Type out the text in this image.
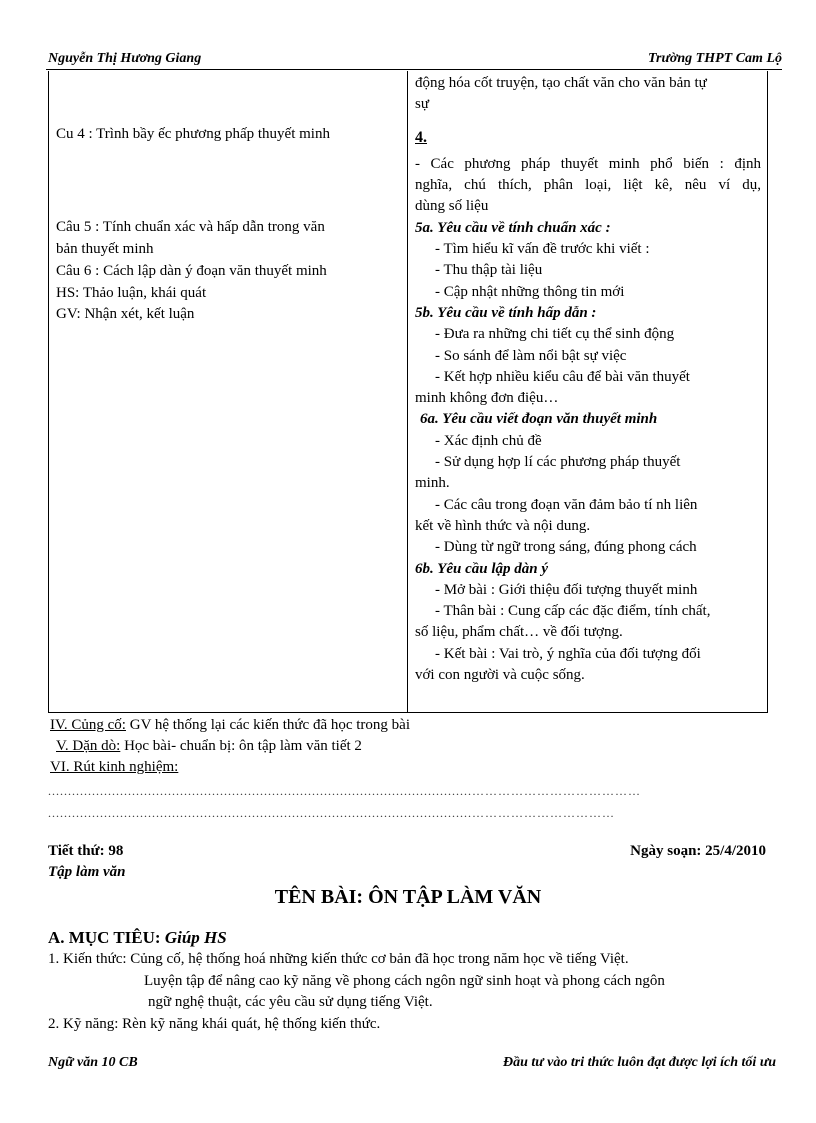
Nguyễn Thị Hương Giang	Trường THPT Cam Lộ
Cu 4 : Trình bầy ếc phương phấp thuyết minh
Câu 5 : Tính chuẩn xác và hấp dẫn trong văn
bản thuyết minh
Câu 6 : Cách lập dàn ý đoạn văn thuyết minh
HS: Thảo luận, khái quát
GV: Nhận xét, kết luận
động hóa cốt truyện, tạo chất văn cho văn bản tự
sự
4.
- Các phương pháp thuyết minh phổ biến : định
nghĩa, chú thích, phân loại, liệt kê, nêu ví dụ,
dùng số liệu
5a. Yêu cầu về tính chuẩn xác :
- Tìm hiểu kĩ vấn đề trước khi viết :
- Thu thập tài liệu
- Cập nhật những thông tin mới
5b. Yêu cầu về tính hấp dẫn :
- Đưa ra những chi tiết cụ thể sinh động
- So sánh để làm nổi bật sự việc
- Kết hợp nhiều kiểu câu để bài văn thuyết
minh không đơn điệu…
6a. Yêu cầu viết đoạn văn thuyết minh
- Xác định chủ đề
- Sử dụng hợp lí các phương pháp thuyết
minh.
- Các câu trong đoạn văn đảm bảo tí nh liên
kết về hình thức và nội dung.
- Dùng từ ngữ trong sáng, đúng phong cách
6b. Yêu cầu lập dàn ý
- Mở bài : Giới thiệu đối tượng thuyết minh
- Thân bài : Cung cấp các đặc điểm, tính chất,
số liệu, phẩm chất… về đối tượng.
- Kết bài : Vai trò, ý nghĩa của đối tượng đối
với con người và cuộc sống.
IV. Củng cố: GV hệ thống lại các kiến thức đã học trong bài
V. Dặn dò: Học bài- chuẩn bị: ôn tập làm văn tiết 2
VI. Rút kinh nghiệm:
..........................................................................................................…………………………………
..........................................................................................................……………………………
Tiết thứ: 98	Ngày soạn: 25/4/2010
Tập làm văn
TÊN BÀI: ÔN TẬP LÀM VĂN
A. MỤC TIÊU: Giúp HS
1. Kiến thức: Củng cố, hệ thống hoá những kiến thức cơ bản đã học trong năm học về tiếng Việt.
Luyện tập để nâng cao kỹ năng về phong cách ngôn ngữ sinh hoạt và phong cách ngôn
ngữ nghệ thuật, các yêu cầu sử dụng tiếng Việt.
2. Kỹ năng: Rèn kỹ năng khái quát, hệ thống kiến thức.
Ngữ văn 10 CB	Đầu tư vào tri thức luôn đạt được lợi ích tối ưu
